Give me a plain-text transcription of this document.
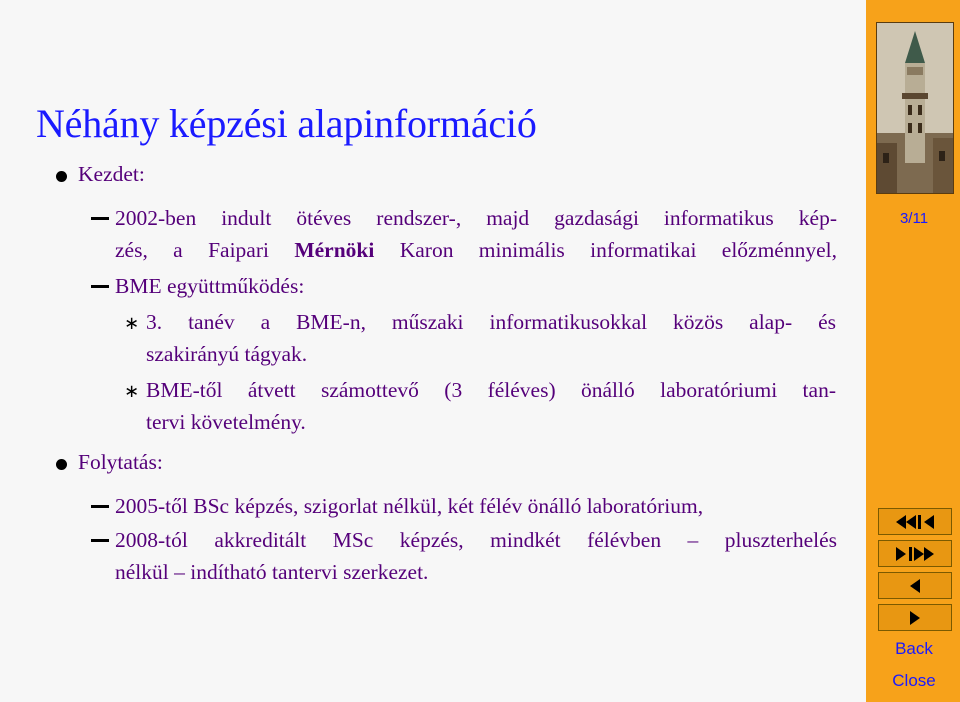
Néhány képzési alapinformáció
Kezdet:
2002-ben indult ötéves rendszer-, majd gazdasági informatikus kép-
zés, a Faipari Mérnöki Karon minimális informatikai előzménnyel,
BME együttműködés:
∗ 3. tanév a BME-n, műszaki informatikusokkal közös alap- és
szakirányú tágyak.
∗ BME-től átvett számottevő (3 féléves) önálló laboratóriumi tan-
tervi követelmény.
Folytatás:
2005-től BSc képzés, szigorlat nélkül, két félév önálló laboratórium,
2008-tól akkreditált MSc képzés, mindkét félévben – pluszterhelés
nélkül – indítható tantervi szerkezet.
3/11
Back
Close
